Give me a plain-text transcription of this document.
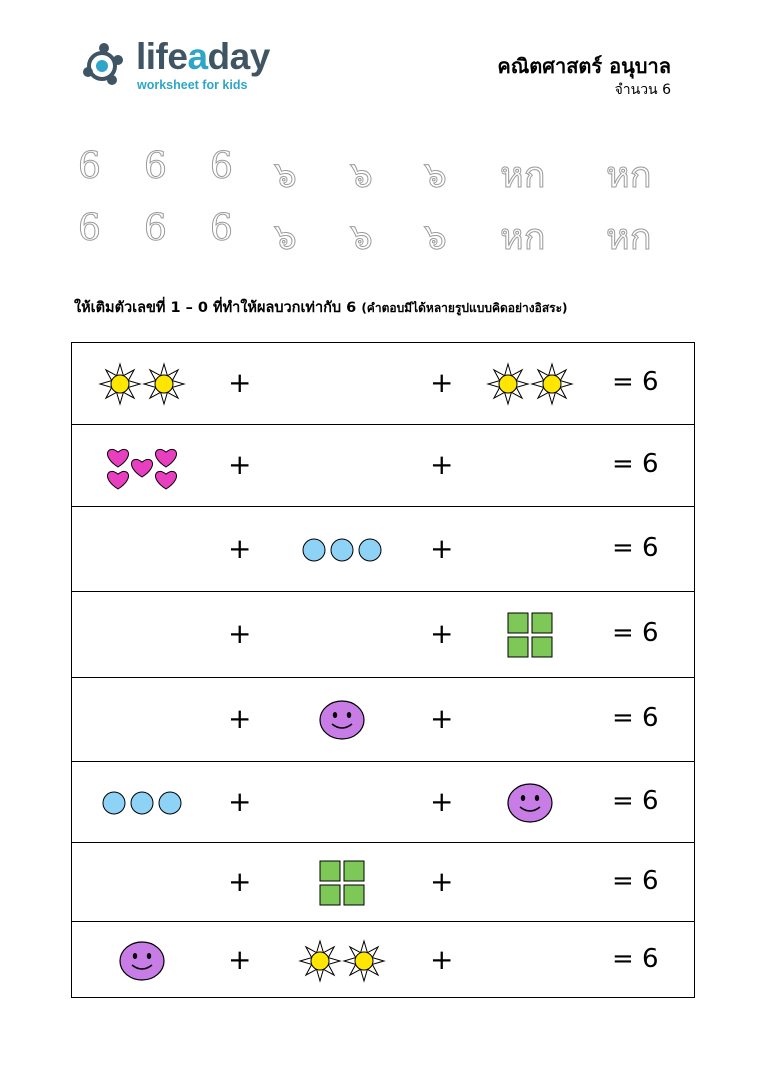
lifeaday
worksheet for kids
คณิตศาสตร์ อนุบาล
จำนวน 6
6 6 6 ๖ ๖ ๖ หก หก
6 6 6 ๖ ๖ ๖ หก หก
ให้เติมตัวเลขที่ 1 – 0 ที่ทำให้ผลบวกเท่ากับ 6 (คำตอบมีได้หลายรูปแบบคิดอย่างอิสระ)
+	+	= 6
+	+	= 6
+	+	= 6
+	+	= 6
+	+	= 6
+	+	= 6
+	+	= 6
+	+	= 6
